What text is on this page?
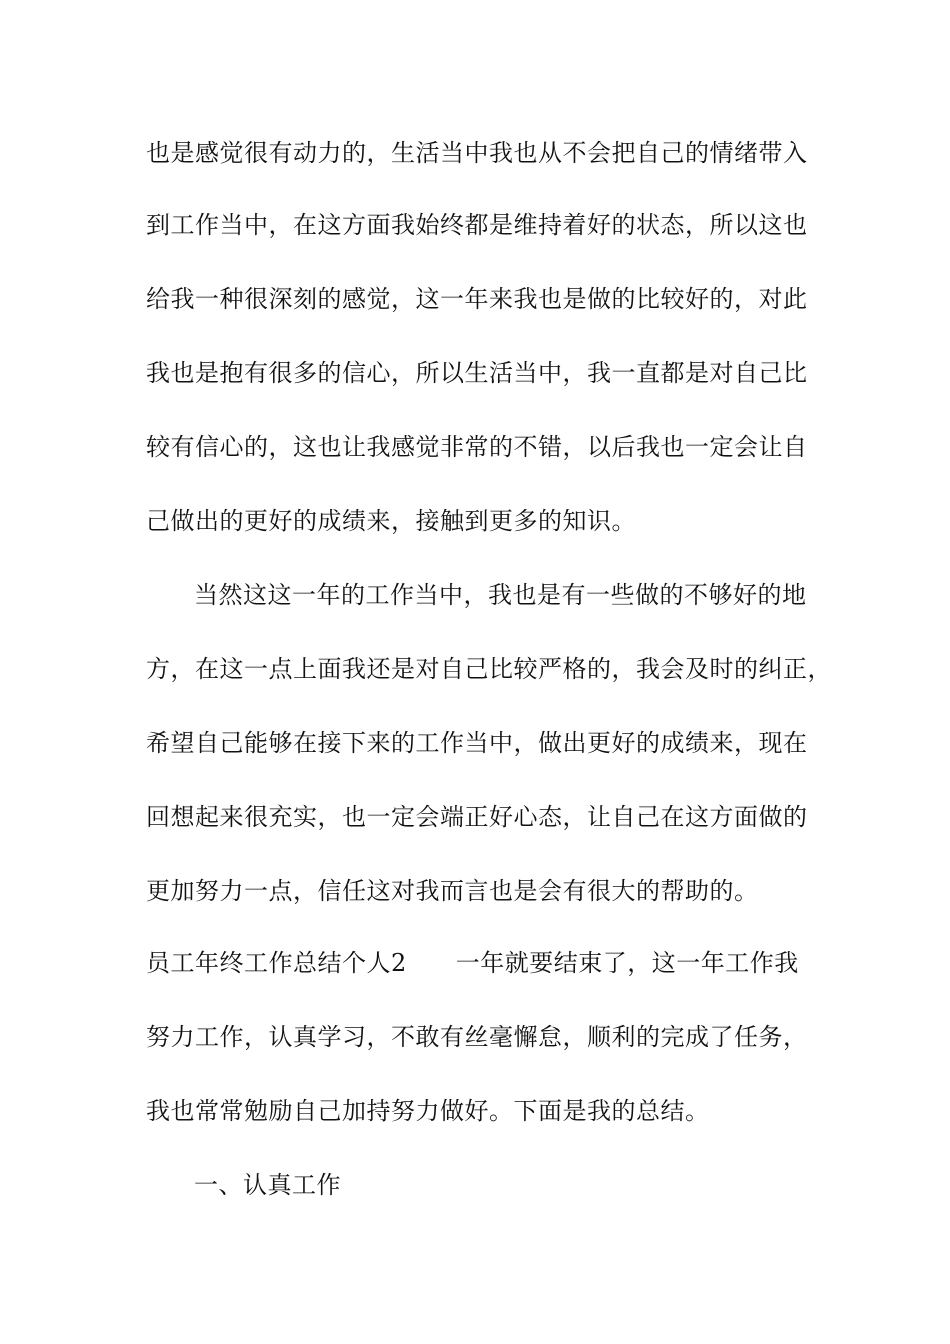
也是感觉很有动力的，生活当中我也从不会把自己的情绪带入
到工作当中，在这方面我始终都是维持着好的状态，所以这也
给我一种很深刻的感觉，这一年来我也是做的比较好的，对此
我也是抱有很多的信心，所以生活当中，我一直都是对自己比
较有信心的，这也让我感觉非常的不错，以后我也一定会让自
己做出的更好的成绩来，接触到更多的知识。
当然这这一年的工作当中，我也是有一些做的不够好的地
方，在这一点上面我还是对自己比较严格的，我会及时的纠正，
希望自己能够在接下来的工作当中，做出更好的成绩来，现在
回想起来很充实，也一定会端正好心态，让自己在这方面做的
更加努力一点，信任这对我而言也是会有很大的帮助的。
员工年终工作总结个人2　　一年就要结束了，这一年工作我
努力工作，认真学习，不敢有丝毫懈怠，顺利的完成了任务，
我也常常勉励自己加持努力做好。下面是我的总结。
一、认真工作
